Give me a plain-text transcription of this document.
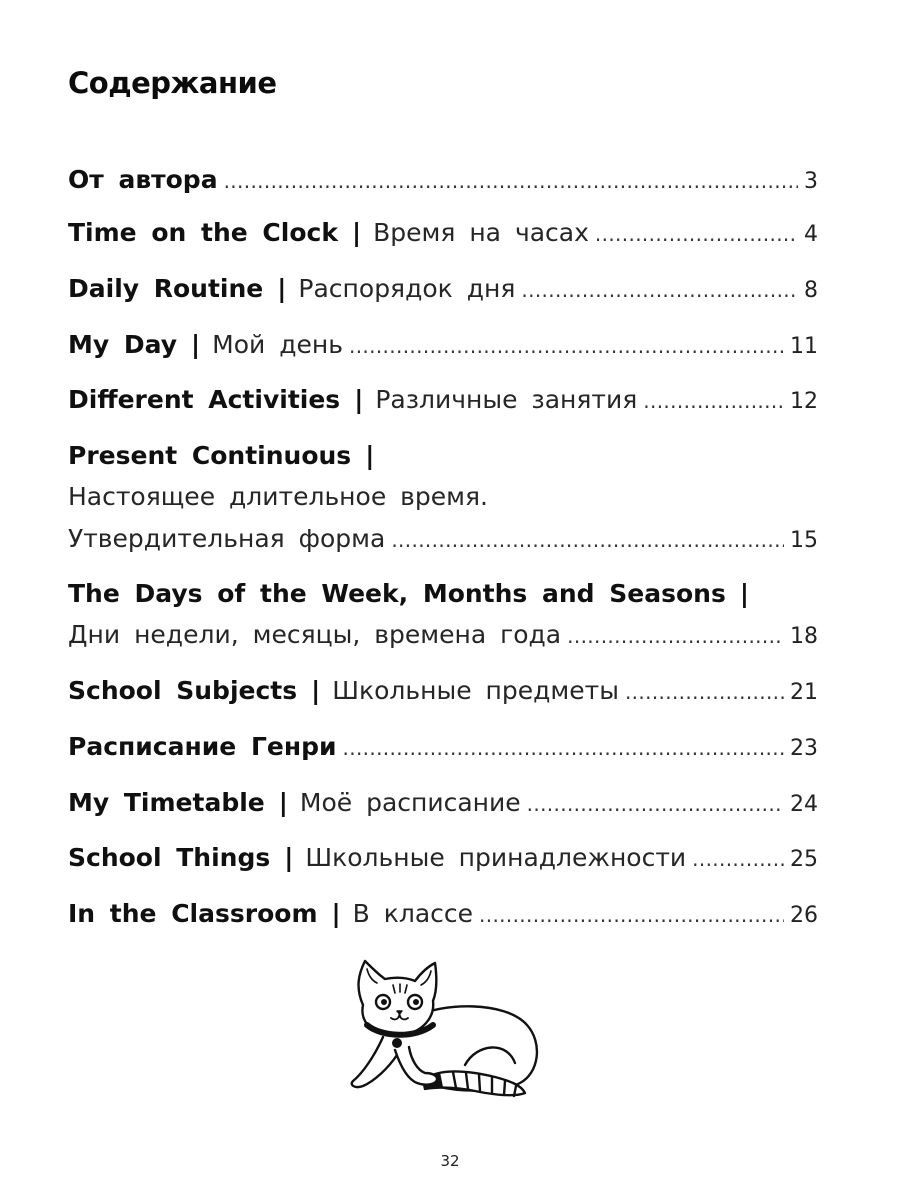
Содержание
От автора . . .	3
Time on the Clock | Время на часах . . .	4
Daily Routine | Распорядок дня . . .	8
My Day | Мой день . . .	11
Different Activities | Различные занятия . . .	12
Present Continuous |
Настоящее длительное время.
Утвердительная форма . . .	15
The Days of the Week, Months and Seasons |
Дни недели, месяцы, времена года . . .	18
School Subjects | Школьные предметы . . .	21
Расписание Генри . . .	23
My Timetable | Моё расписание . . .	24
School Things | Школьные принадлежности . . .	25
In the Classroom | В классе . . .	26
32
